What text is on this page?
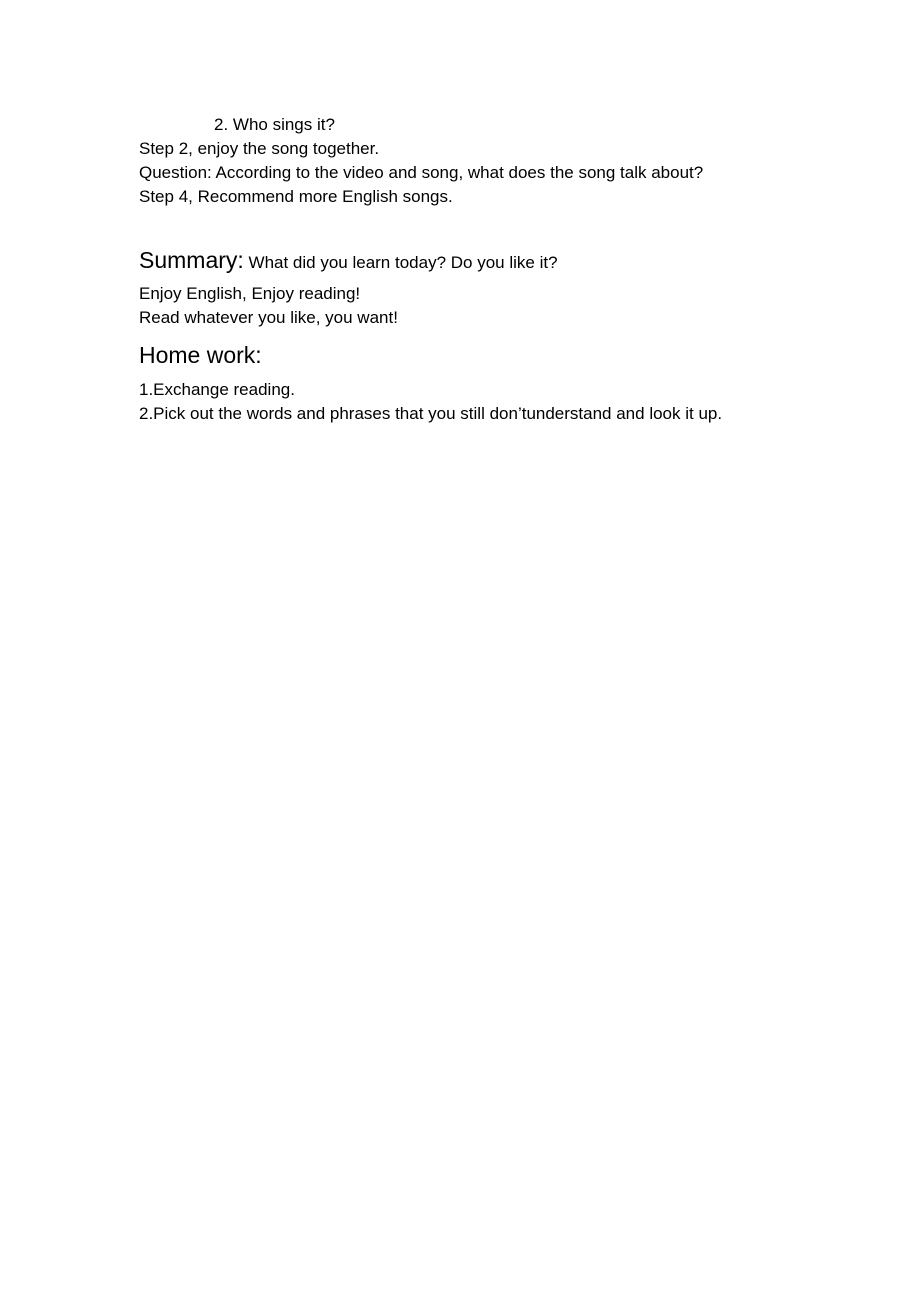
2. Who sings it?
Step 2, enjoy the song together.
Question: According to the video and song, what does the song talk about?
Step 4, Recommend more English songs.
Summary: What did you learn today? Do you like it?
Enjoy English, Enjoy reading!
Read whatever you like, you want!
Home work:
1.Exchange reading.
2.Pick out the words and phrases that you still don’tunderstand and look it up.
